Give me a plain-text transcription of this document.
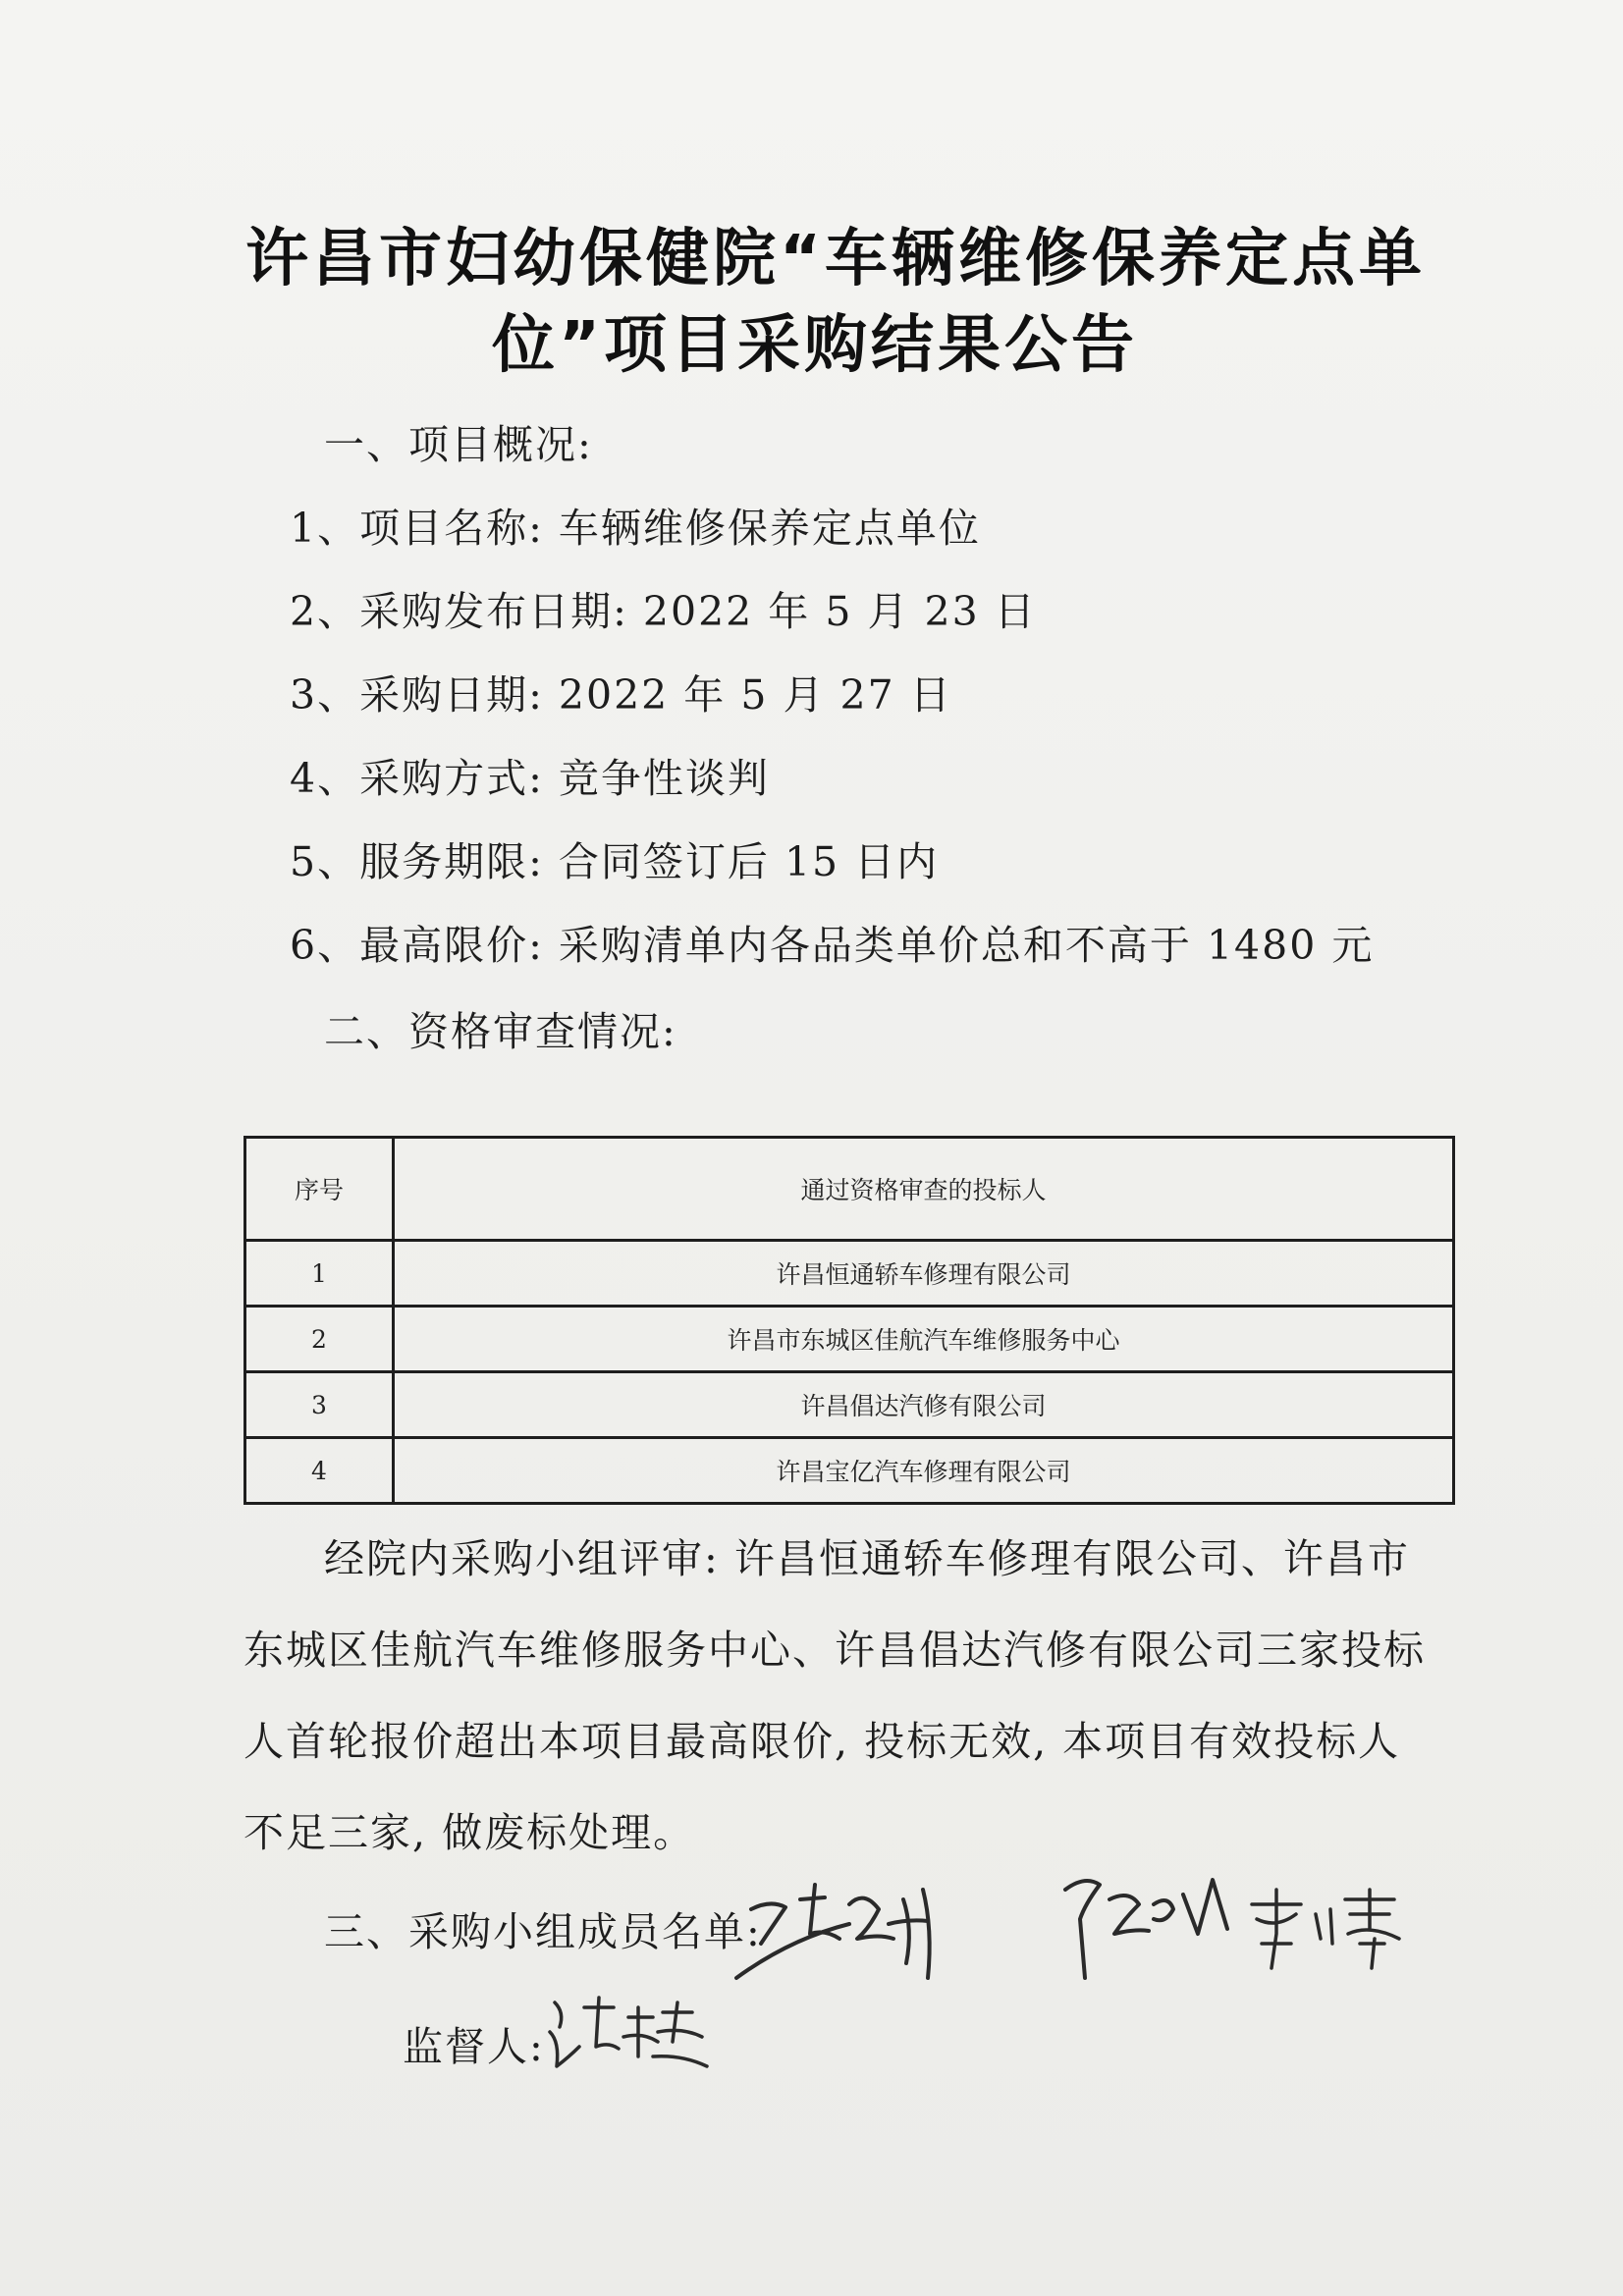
许昌市妇幼保健院“车辆维修保养定点单
位”项目采购结果公告
一、项目概况:
1、项目名称: 车辆维修保养定点单位
2、采购发布日期: 2022 年 5 月 23 日
3、采购日期: 2022 年 5 月 27 日
4、采购方式: 竞争性谈判
5、服务期限: 合同签订后 15 日内
6、最高限价: 采购清单内各品类单价总和不高于 1480 元
二、资格审查情况:
序号	通过资格审查的投标人
1	许昌恒通轿车修理有限公司
2	许昌市东城区佳航汽车维修服务中心
3	许昌倡达汽修有限公司
4	许昌宝亿汽车修理有限公司
经院内采购小组评审: 许昌恒通轿车修理有限公司、许昌市
东城区佳航汽车维修服务中心、许昌倡达汽修有限公司三家投标
人首轮报价超出本项目最高限价, 投标无效, 本项目有效投标人
不足三家, 做废标处理。
三、采购小组成员名单:
监督人:
